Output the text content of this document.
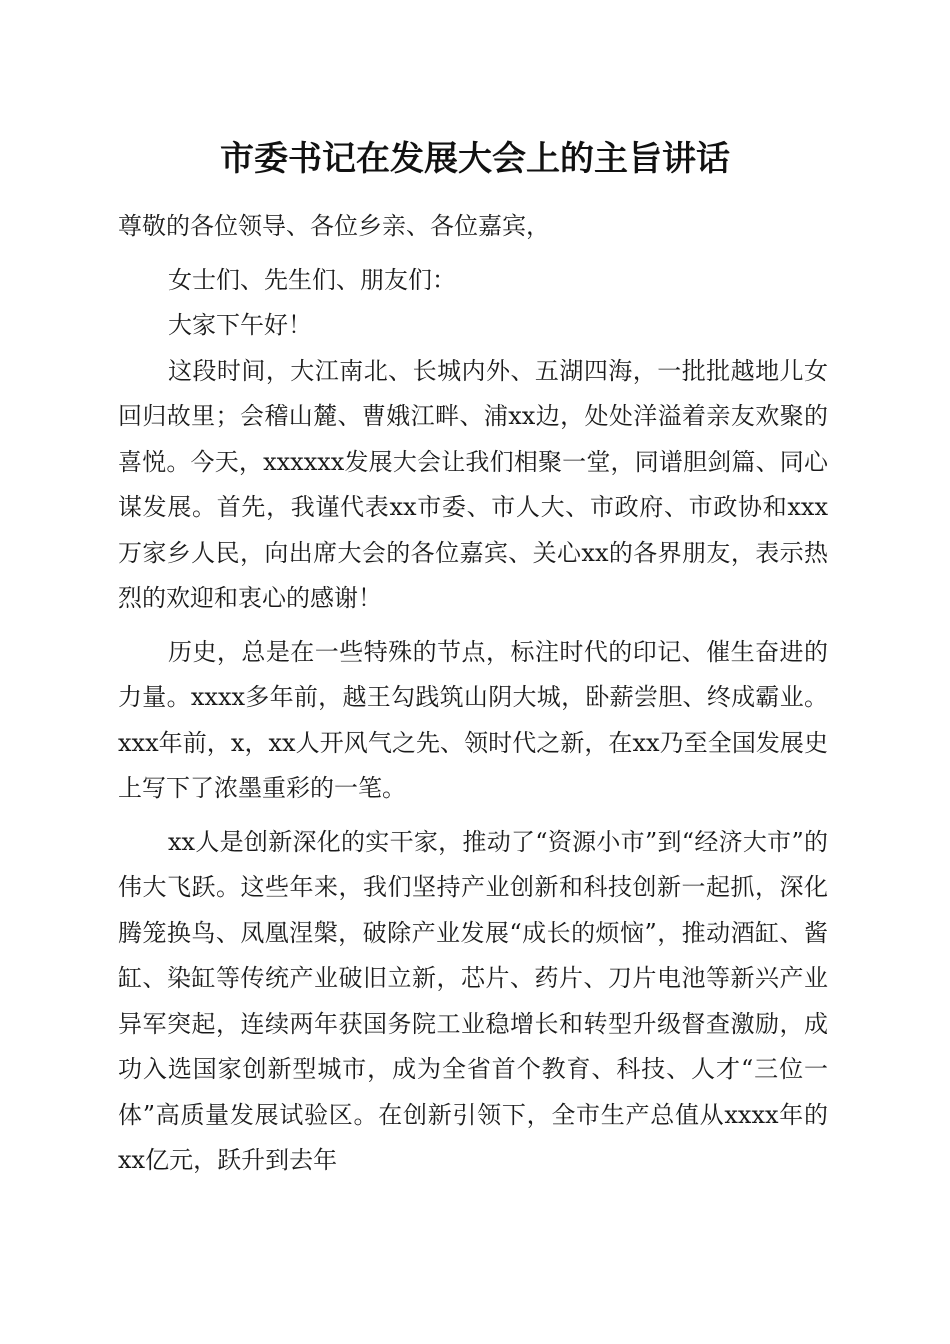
市委书记在发展大会上的主旨讲话

尊敬的各位领导、各位乡亲、各位嘉宾，

女士们、先生们、朋友们：

大家下午好！

这段时间，大江南北、长城内外、五湖四海，一批批越地儿女回归故里；会稽山麓、曹娥江畔、浦xx边，处处洋溢着亲友欢聚的喜悦。今天，xxxxxx发展大会让我们相聚一堂，同谱胆剑篇、同心谋发展。首先，我谨代表xx市委、市人大、市政府、市政协和xxx万家乡人民，向出席大会的各位嘉宾、关心xx的各界朋友，表示热烈的欢迎和衷心的感谢！

历史，总是在一些特殊的节点，标注时代的印记、催生奋进的力量。xxxx多年前，越王勾践筑山阴大城，卧薪尝胆、终成霸业。xxx年前，x，xx人开风气之先、领时代之新，在xx乃至全国发展史上写下了浓墨重彩的一笔。

xx人是创新深化的实干家，推动了“资源小市”到“经济大市”的伟大飞跃。这些年来，我们坚持产业创新和科技创新一起抓，深化腾笼换鸟、凤凰涅槃，破除产业发展“成长的烦恼”，推动酒缸、酱缸、染缸等传统产业破旧立新，芯片、药片、刀片电池等新兴产业异军突起，连续两年获国务院工业稳增长和转型升级督查激励，成功入选国家创新型城市，成为全省首个教育、科技、人才“三位一体”高质量发展试验区。在创新引领下，全市生产总值从xxxx年的xx亿元，跃升到去年
